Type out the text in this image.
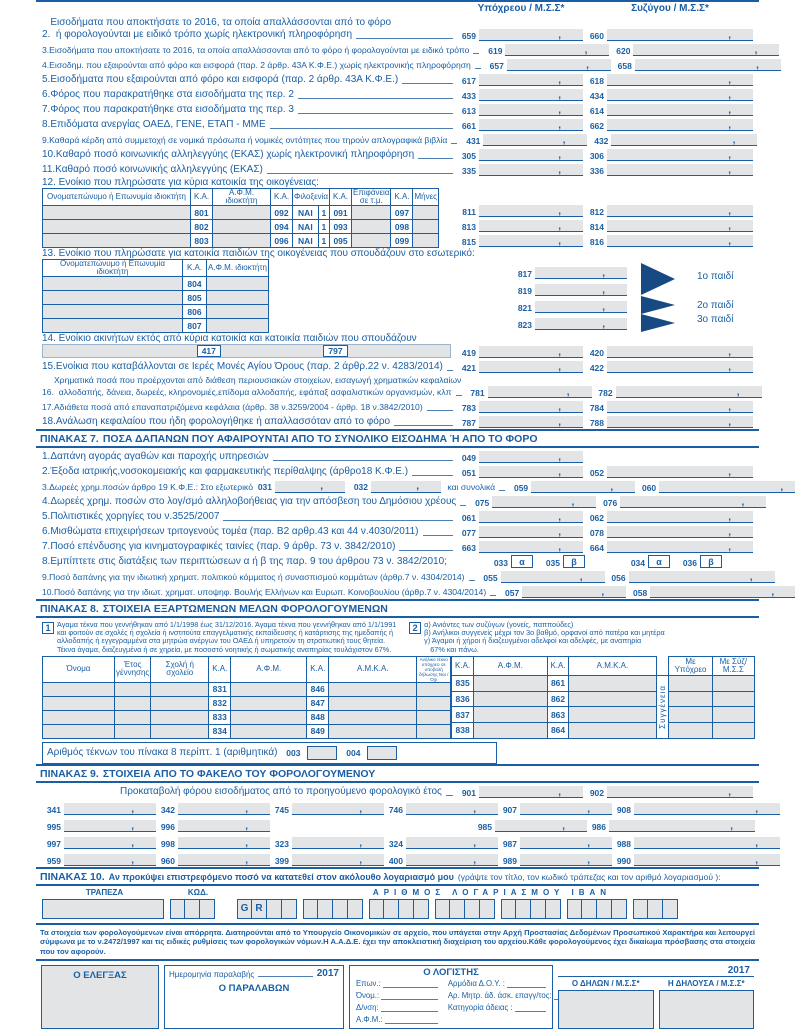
Υπόχρεου / Μ.Σ.Σ*	Συζύγου / Μ.Σ.Σ*
2.
Εισοδήματα που αποκτήσατε το 2016, τα οποία απαλλάσσονται από το φόρο
ή φορολογούνται με ειδικό τρόπο χωρίς ηλεκτρονική πληροφόρηση	659	,	660	,
3. Εισοδήματα που αποκτήσατε το 2016, τα οποία απαλλάσσονται από το φόρο ή φορολογούνται με ειδικό τρόπο	619	,	620	,
4. Εισοδημ. που εξαιρούνται από φόρο και εισφορά (παρ. 2 άρθρ. 43Α Κ.Φ.Ε.) χωρίς ηλεκτρονικής πληροφόρηση	657	,	658	,
5. Εισοδήματα που εξαιρούνται από φόρο και εισφορά (παρ. 2 άρθρ. 43Α Κ.Φ.Ε.)	617	,	618	,
6. Φόρος που παρακρατήθηκε στα εισοδήματα της περ. 2	433	,	434	,
7. Φόρος που παρακρατήθηκε στα εισοδήματα της περ. 3	613	,	614	,
8. Επιδόματα ανεργίας ΟΑΕΔ, ΓΕΝΕ, ΕΤΑΠ - ΜΜΕ	661	,	662	,
9. Καθαρά κέρδη από συμμετοχή σε νομικά πρόσωπα ή νομικές οντότητες που τηρούν απλογραφικά βιβλία	431	,	432	,
10. Καθαρό ποσό κοινωνικής αλληλεγγύης (ΕΚΑΣ) χωρίς ηλεκτρονική πληροφόρηση	305	,	306	,
11. Καθαρό ποσό κοινωνικής αλληλεγγύης (ΕΚΑΣ)	335	,	336	,
12. Ενοίκιο που πληρώσατε για κύρια κατοικία της οικογένειας:
Ονοματεπώνυμο ή Επωνυμία ιδιοκτήτη	Κ.Α.	Α.Φ.Μ. ιδιοκτήτη	Κ.Α.	Φιλοξενία		Κ.Α.	Επιφάνεια σε τ.μ.	Κ.Α.	Μήνες
	801		092	ΝΑΙ	1	091		097	
	802		094	ΝΑΙ	1	093		098	
	803		096	ΝΑΙ	1	095		099	
811	,	812	,
813	,	814	,
815	,	816	,
13. Ενοίκιο που πληρώσατε για κατοικία παιδιών της οικογένειας που σπουδάζουν στο εσωτερικό:
Ονοματεπώνυμο ή Επωνυμία ιδιοκτήτη	Κ.Α.	Α.Φ.Μ. ιδιοκτήτη
	804	
	805	
	806	
	807	
817	,
819	,
821	,
823	,
1ο παιδί
2ο παιδί
3ο παιδί
14. Ενοίκιο ακινήτων εκτός από κύρια κατοικία και κατοικία παιδιών που σπουδάζουν
417	797	419	,	420	,
15. Ενοίκια που καταβάλλονται σε Ιερές Μονές Αγίου Όρους (παρ. 2 άρθρ.22 ν. 4283/2014)	421	,	422	,
16.
Χρηματικά ποσά που προέρχονται από διάθεση περιουσιακών στοιχείων, εισαγωγή χρηματικών κεφαλαίων
αλλοδαπής, δάνεια, δωρεές, κληρονομιές,επίδομα αλλοδαπής, εφάπαξ ασφαλιστικών οργανισμών, κλπ	781	,	782	,
17. Αδιάθετα ποσά από επαναπατριζόμενα κεφάλαια (άρθρ. 38 ν.3259/2004 - άρθρ. 18 ν.3842/2010)	783	,	784	,
18. Ανάλωση κεφαλαίου που ήδη φορολογήθηκε ή απαλλασσόταν από το φόρο	787	,	788	,
ΠΙΝΑΚΑΣ 7. ΠΟΣΑ ΔΑΠΑΝΩΝ ΠΟΥ ΑΦΑΙΡΟΥΝΤΑΙ ΑΠΟ ΤΟ ΣΥΝΟΛΙΚΟ ΕΙΣΟΔΗΜΑ Ή ΑΠΟ ΤΟ ΦΟΡΟ
1. Δαπάνη αγοράς αγαθών και παροχής υπηρεσιών	049	,
2. Έξοδα ιατρικής,νοσοκομειακής και φαρμακευτικής περίθαλψης (άρθρο18 Κ.Φ.Ε.)	051	,	052	,
3. Δωρεές χρημ.ποσών άρθρο 19 Κ.Φ.Ε.: Στο εξωτερικό 031	,	032	,	και συνολικά	059	,	060	,
4. Δωρεές χρημ. ποσών στο λογ/σμό αλληλοβοήθειας για την απόσβεση του Δημόσιου χρέους	075	,	076	,
5. Πολιτιστικές χορηγίες του ν.3525/2007	061	,	062	,
6. Μισθώματα επιχειρήσεων τριτογενούς τομέα (παρ. Β2 αρθρ.43 και 44 ν.4030/2011)	077	,	078	,
7. Ποσό επένδυσης για κινηματογραφικές ταινίες (παρ. 9 άρθρ. 73 ν. 3842/2010)	663	,	664	,
8. Εμπίπτετε στις διατάξεις των περιπτώσεων α ή β της παρ. 9 του άρθρου 73 ν. 3842/2010;	033	α	035	β	034	α	036	β
9. Ποσό δαπάνης για την ιδιωτική χρηματ. πολιτικού κόμματος ή συνασπισμού κομμάτων (άρθρ.7 ν. 4304/2014)	055	,	056	,
10. Ποσό δαπάνης για την ιδιωτ. χρηματ. υποψηφ. Βουλής Ελλήνων και Ευρωπ. Κοινοβουλίου (άρθρ.7 ν. 4304/2014)	057	,	058	,
ΠΙΝΑΚΑΣ 8. ΣΤΟΙΧΕΙΑ ΕΞΑΡΤΩΜΕΝΩΝ ΜΕΛΩΝ ΦΟΡΟΛΟΓΟΥΜΕΝΩΝ
1 Άγαμα τέκνα που γεννήθηκαν από 1/1/1998 έως 31/12/2016. Άγαμα τέκνα που γεννήθηκαν από 1/1/1991 και φοιτούν σε σχολές ή σχολεία ή ινστιτούτα επαγγελματικής εκπαίδευσης ή κατάρτισης της ημεδαπής ή αλλοδαπής ή εγγεγραμμένα στα μητρώα ανέργων του ΟΑΕΔ ή υπηρετούν τη στρατιωτική τους θητεία. Τέκνα άγαμα, διαζευγμένα ή σε χηρεία, με ποσοστό νοητικής ή σωματικής αναπηρίας τουλάχιστον 67%.
2 α) Ανιόντες των συζύγων (γονείς, παππούδες)
β) Ανήλικοι συγγενείς μέχρι τον 3ο βαθμό, ορφανοί από πατέρα και μητέρα
γ) Άγαμοι ή χήροι ή διαζευγμένοι αδελφοί και αδελφές, με αναπηρία
67% και πάνω.
Όνομα	Έτος γέννησης	Σχολή ή σχολείο	Κ.Α.	Α.Φ.Μ.	Κ.Α.	Α.Μ.Κ.Α.	Ανήλικο τέκνο υπόχρεο σε υποβολή δήλωσης Ναι / Όχι
			831		846		
			832		847		
			833		848		
			834		849		
Κ.Α.	Α.Φ.Μ.	Κ.Α.	Α.Μ.Κ.Α.		Με Υπόχρεο	Με Σύζ/Μ.Σ.Σ
835		861		Συγγένεια		

836		862				
837		863				
838		864				
Αριθμός τέκνων του πίνακα 8 περίπτ. 1 (αριθμητικά)	003	004
ΠΙΝΑΚΑΣ 9. ΣΤΟΙΧΕΙΑ ΑΠΟ ΤΟ ΦΑΚΕΛΟ ΤΟΥ ΦΟΡΟΛΟΓΟΥΜΕΝΟΥ
Προκαταβολή φόρου εισοδήματος από το προηγούμενο φορολογικό έτος	901	,	902	,
341	,	342	,	745	,	746	,	907	,	908	,
995	,	996	,	985	,	986	,
997	,	998	,	323	,	324	,	987	,	988	,
959	,	960	,	399	,	400	,	989	,	990	,
ΠΙΝΑΚΑΣ 10. Αν προκύψει επιστρεφόμενο ποσό να κατατεθεί στον ακόλουθο λογαριασμό μου (γράψτε τον τίτλο, τον κωδικό τράπεζας και τον αριθμό λογαριασμού ):
ΤΡΑΠΕΖΑ	ΚΩΔ.	ΑΡΙΘΜΟΣ ΛΟΓΑΡΙΑΣΜΟΥ ΙΒΑΝ
G R
Τα στοιχεία των φορολογούμενων είναι απόρρητα. Διατηρούνται από το Υπουργείο Οικονομικών σε αρχείο, που υπάγεται στην Αρχή Προστασίας Δεδομένων Προσωπικού Χαρακτήρα και λειτουργεί σύμφωνα με το ν.2472/1997 και τις ειδικές ρυθμίσεις των φορολογικών νόμων.Η Α.Α.Δ.Ε. έχει την αποκλειστική διαχείριση του αρχείου.Κάθε φορολογούμενος έχει δικαίωμα πρόσβασης στα στοιχεία που τον αφορούν.
Ο ΕΛΕΓΞΑΣ	Ημερομηνία παραλαβής	2017
Ο ΠΑΡΑΛΑΒΩΝ
Ο ΛΟΓΙΣΤΗΣ
Επων.:
Όνομ.:
Δ/νση:
Α.Φ.Μ.:
Αρμόδια Δ.Ο.Υ. :
Αρ. Μητρ. άδ. άσκ. επαγγ/τος:
Κατηγορία άδειας :
2017
Ο ΔΗΛΩΝ / Μ.Σ.Σ*	Η ΔΗΛΟΥΣΑ / Μ.Σ.Σ*
